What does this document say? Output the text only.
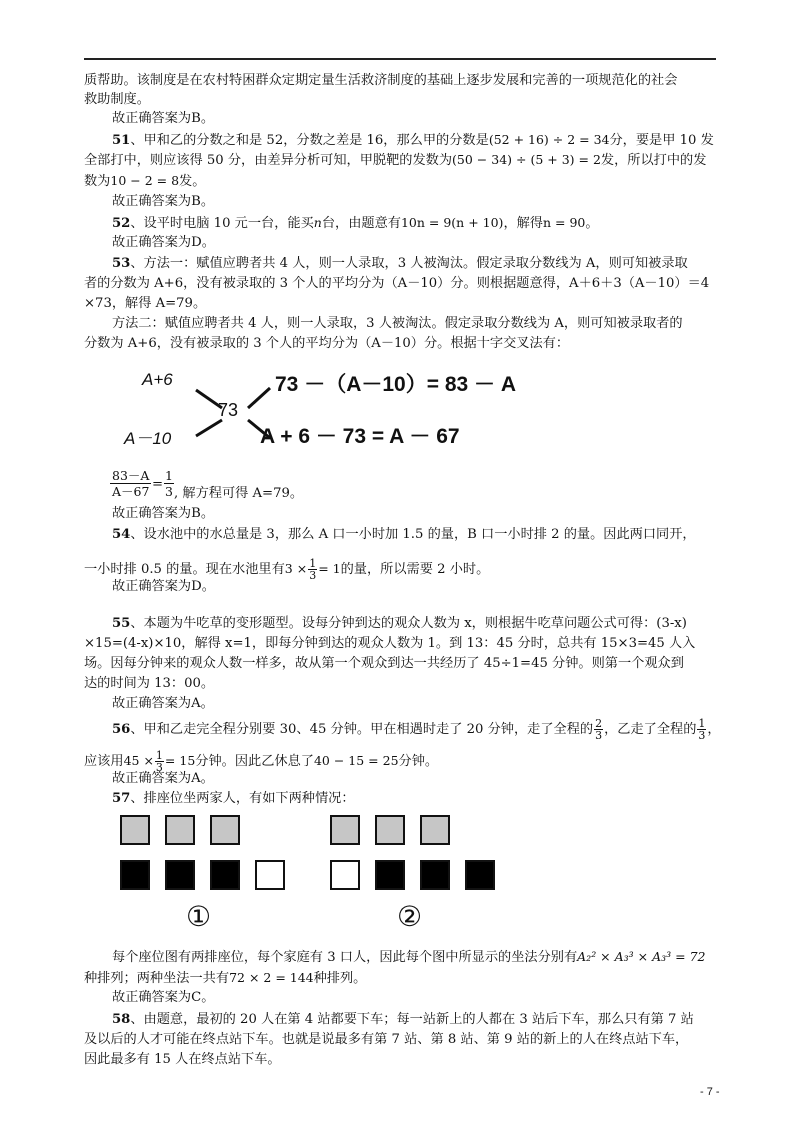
质帮助。该制度是在农村特困群众定期定量生活救济制度的基础上逐步发展和完善的一项规范化的社会
救助制度。
故正确答案为B。
51、甲和乙的分数之和是 52，分数之差是 16，那么甲的分数是(52 + 16) ÷ 2 = 34分，要是甲 10 发
全部打中，则应该得 50 分，由差异分析可知，甲脱靶的发数为(50 − 34) ÷ (5 + 3) = 2发，所以打中的发
数为10 − 2 = 8发。
故正确答案为B。
52、设平时电脑 10 元一台，能买n台，由题意有10n = 9(n + 10)，解得n = 90。
故正确答案为D。
53、方法一：赋值应聘者共 4 人，则一人录取，3 人被淘汰。假定录取分数线为 A，则可知被录取
者的分数为 A+6，没有被录取的 3 个人的平均分为（A－10）分。则根据题意得，A＋6＋3（A－10）＝4
×73，解得 A=79。
方法二：赋值应聘者共 4 人，则一人录取，3 人被淘汰。假定录取分数线为 A，则可知被录取者的
分数为 A+6，没有被录取的 3 个人的平均分为（A－10）分。根据十字交叉法有：
A+6
A－10
73
73 －（A－10）= 83 － A
A + 6 － 73 = A － 67
$\frac{83-A}{A-67} = \frac{1}{3}$ , 解方程可得 A=79。
故正确答案为B。
54、设水池中的水总量是 3，那么 A 口一小时加 1.5 的量，B 口一小时排 2 的量。因此两口同开，
一小时排 0.5 的量。现在水池里有$3 \times \frac{1}{3} = 1$的量，所以需要 2 小时。
故正确答案为D。
55、本题为牛吃草的变形题型。设每分钟到达的观众人数为 x，则根据牛吃草问题公式可得：(3-x)
×15=(4-x)×10，解得 x=1，即每分钟到达的观众人数为 1。到 13：45 分时，总共有 15×3=45 人入
场。因每分钟来的观众人数一样多，故从第一个观众到达一共经历了 45÷1=45 分钟。则第一个观众到
达的时间为 13：00。
故正确答案为A。
56、甲和乙走完全程分别要 30、45 分钟。甲在相遇时走了 20 分钟，走了全程的 $\frac{2}{3}$ ，乙走了全程的 $\frac{1}{3}$ ，
应该用$45 \times \frac{1}{3} = 15$分钟。因此乙休息了40 − 15 = 25分钟。
故正确答案为A。
57、排座位坐两家人，有如下两种情况：
①	②
每个座位图有两排座位，每个家庭有 3 口人，因此每个图中所显示的坐法分别有A₂² × A₃³ × A₃³ = 72
种排列；两种坐法一共有72 × 2 = 144种排列。
故正确答案为C。
58、由题意，最初的 20 人在第 4 站都要下车；每一站新上的人都在 3 站后下车，那么只有第 7 站
及以后的人才可能在终点站下车。也就是说最多有第 7 站、第 8 站、第 9 站的新上的人在终点站下车，
因此最多有 15 人在终点站下车。
- 7 -
